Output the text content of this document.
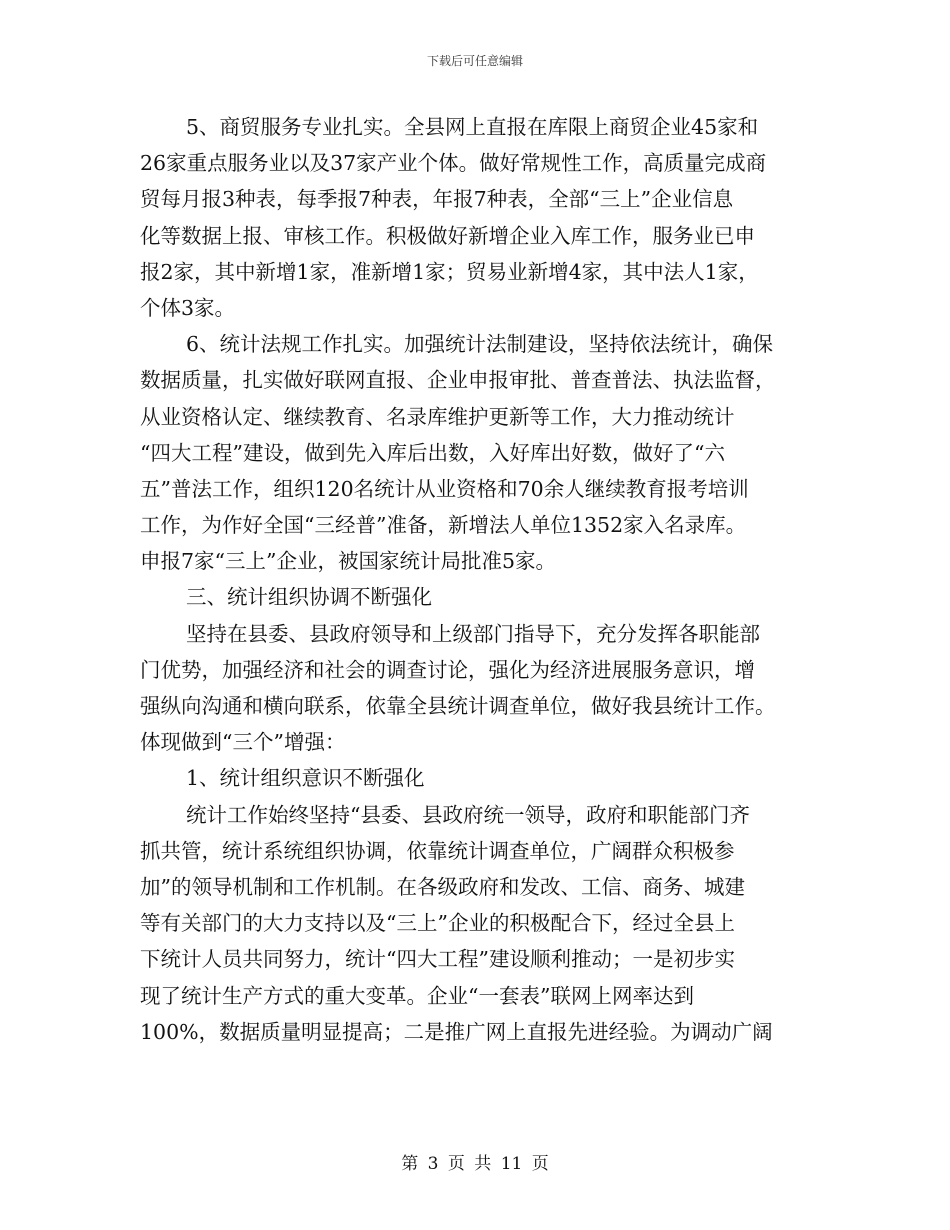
下载后可任意编辑
5、商贸服务专业扎实。全县网上直报在库限上商贸企业45家和
26家重点服务业以及37家产业个体。做好常规性工作，高质量完成商
贸每月报3种表，每季报7种表，年报7种表，全部“三上”企业信息
化等数据上报、审核工作。积极做好新增企业入库工作，服务业已申
报2家，其中新增1家，准新增1家；贸易业新增4家，其中法人1家，
个体3家。
6、统计法规工作扎实。加强统计法制建设，坚持依法统计，确保
数据质量，扎实做好联网直报、企业申报审批、普查普法、执法监督，
从业资格认定、继续教育、名录库维护更新等工作，大力推动统计
“四大工程”建设，做到先入库后出数，入好库出好数，做好了“六
五”普法工作，组织120名统计从业资格和70余人继续教育报考培训
工作，为作好全国“三经普”准备，新增法人单位1352家入名录库。
申报7家“三上”企业，被国家统计局批准5家。
三、统计组织协调不断强化
坚持在县委、县政府领导和上级部门指导下，充分发挥各职能部
门优势，加强经济和社会的调查讨论，强化为经济进展服务意识，增
强纵向沟通和横向联系，依靠全县统计调查单位，做好我县统计工作。
体现做到“三个”增强：
1、统计组织意识不断强化
统计工作始终坚持“县委、县政府统一领导，政府和职能部门齐
抓共管，统计系统组织协调，依靠统计调查单位，广阔群众积极参
加”的领导机制和工作机制。在各级政府和发改、工信、商务、城建
等有关部门的大力支持以及“三上”企业的积极配合下，经过全县上
下统计人员共同努力，统计“四大工程”建设顺利推动；一是初步实
现了统计生产方式的重大变革。企业“一套表”联网上网率达到
100%，数据质量明显提高；二是推广网上直报先进经验。为调动广阔
第 3 页 共 11 页
